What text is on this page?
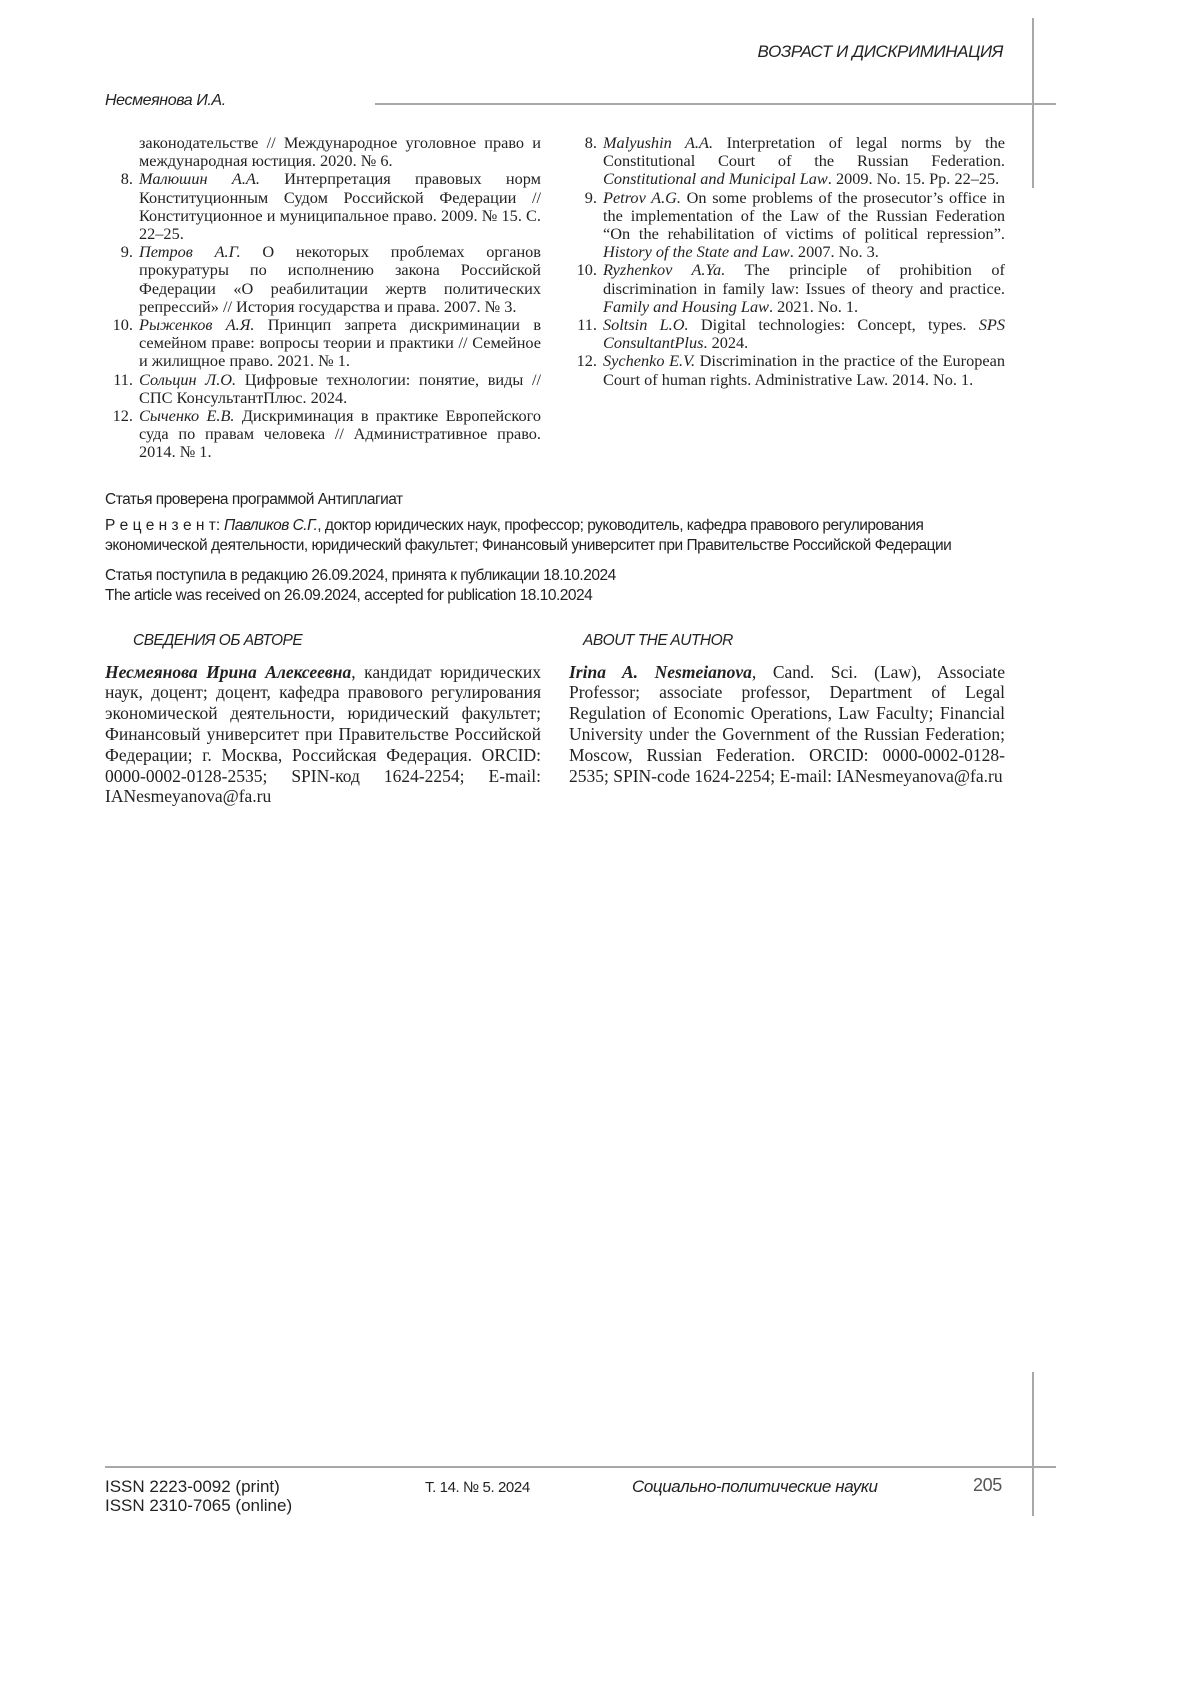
ВОЗРАСТ И ДИСКРИМИНАЦИЯ
Несмеянова И.А.
законодательстве // Международное уголовное право и международная юстиция. 2020. № 6.
8. Малюшин А.А. Интерпретация правовых норм Конституционным Судом Российской Федерации // Конституционное и муниципальное право. 2009. № 15. С. 22–25.
9. Петров А.Г. О некоторых проблемах органов прокуратуры по исполнению закона Российской Федерации «О реабилитации жертв политических репрессий» // История государства и права. 2007. № 3.
10. Рыженков А.Я. Принцип запрета дискриминации в семейном праве: вопросы теории и практики // Семейное и жилищное право. 2021. № 1.
11. Сольцин Л.О. Цифровые технологии: понятие, виды // СПС КонсультантПлюс. 2024.
12. Сыченко Е.В. Дискриминация в практике Европейского суда по правам человека // Административное право. 2014. № 1.
8. Malyushin A.A. Interpretation of legal norms by the Constitutional Court of the Russian Federation. Constitutional and Municipal Law. 2009. No. 15. Pp. 22–25.
9. Petrov A.G. On some problems of the prosecutor’s office in the implementation of the Law of the Russian Federation “On the rehabilitation of victims of political repression”. History of the State and Law. 2007. No. 3.
10. Ryzhenkov A.Ya. The principle of prohibition of discrimination in family law: Issues of theory and practice. Family and Housing Law. 2021. No. 1.
11. Soltsin L.O. Digital technologies: Concept, types. SPS ConsultantPlus. 2024.
12. Sychenko E.V. Discrimination in the practice of the European Court of human rights. Administrative Law. 2014. No. 1.
Статья проверена программой Антиплагиат
Р е ц е н з е н т: Павликов С.Г., доктор юридических наук, профессор; руководитель, кафедра правового регулирования экономической деятельности, юридический факультет; Финансовый университет при Правительстве Российской Федерации
Статья поступила в редакцию 26.09.2024, принята к публикации 18.10.2024
The article was received on 26.09.2024, accepted for publication 18.10.2024
СВЕДЕНИЯ ОБ АВТОРЕ	ABOUT THE AUTHOR
Несмеянова Ирина Алексеевна, кандидат юридических наук, доцент; доцент, кафедра правового регулирования экономической деятельности, юридический факультет; Финансовый университет при Правительстве Российской Федерации; г. Москва, Российская Федерация. ORCID: 0000-0002-0128-2535; SPIN-код 1624-2254; E-mail: IANesmeyanova@fa.ru
Irina A. Nesmeianova, Cand. Sci. (Law), Associate Professor; associate professor, Department of Legal Regulation of Economic Operations, Law Faculty; Financial University under the Government of the Russian Federation; Moscow, Russian Federation. ORCID: 0000-0002-0128-2535; SPIN-code 1624-2254; E-mail: IANesmeyanova@fa.ru
ISSN 2223-0092 (print)
ISSN 2310-7065 (online)
Т. 14. № 5. 2024	Социально-политические науки	205
